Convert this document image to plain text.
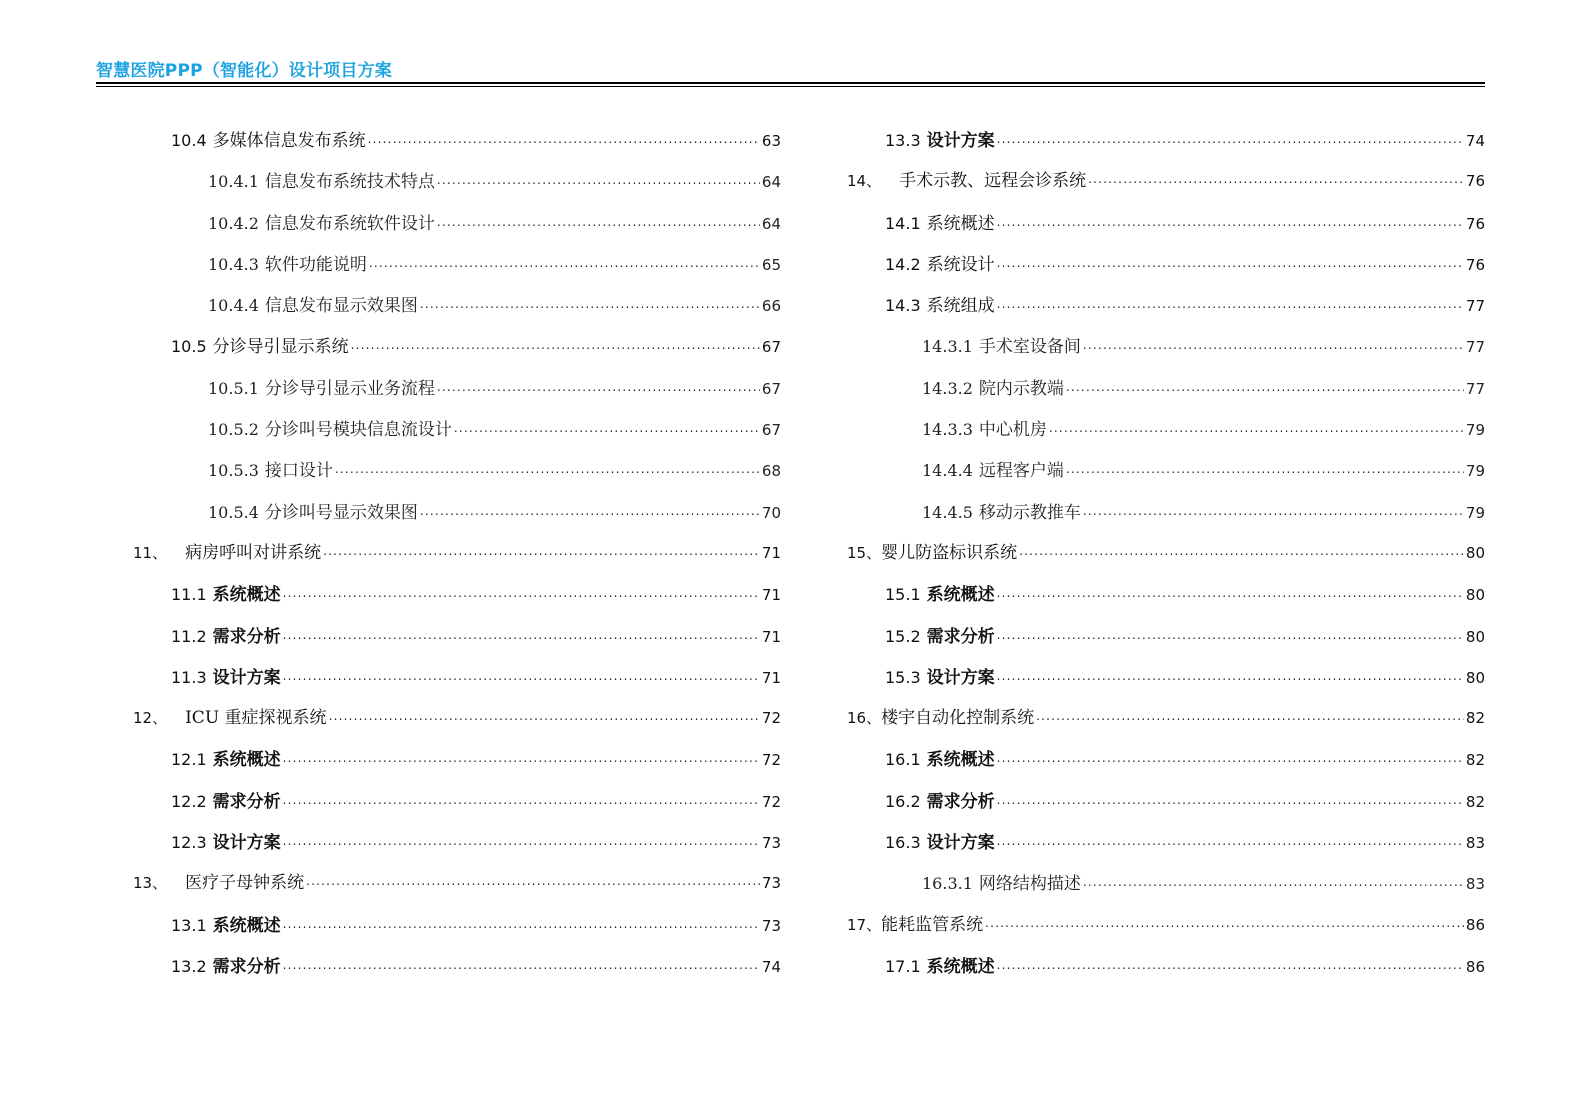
智慧医院PPP（智能化）设计项目方案
10.4 多媒体信息发布系统 .....	63
10.4.1 信息发布系统技术特点 .....	64
10.4.2 信息发布系统软件设计 .....	64
10.4.3 软件功能说明 .....	65
10.4.4 信息发布显示效果图 .....	66
10.5 分诊导引显示系统 .....	67
10.5.1 分诊导引显示业务流程 .....	67
10.5.2 分诊叫号模块信息流设计 .....	67
10.5.3 接口设计 .....	68
10.5.4 分诊叫号显示效果图 .....	70
11、 病房呼叫对讲系统 .....	71
11.1 系统概述 .....	71
11.2 需求分析 .....	71
11.3 设计方案 .....	71
12、 ICU 重症探视系统 .....	72
12.1 系统概述 .....	72
12.2 需求分析 .....	72
12.3 设计方案 .....	73
13、 医疗子母钟系统 .....	73
13.1 系统概述 .....	73
13.2 需求分析 .....	74
13.3 设计方案 .....	74
14、 手术示教、远程会诊系统 .....	76
14.1 系统概述 .....	76
14.2 系统设计 .....	76
14.3 系统组成 .....	77
14.3.1 手术室设备间 .....	77
14.3.2 院内示教端 .....	77
14.3.3 中心机房 .....	79
14.4.4 远程客户端 .....	79
14.4.5 移动示教推车 .....	79
15、 婴儿防盗标识系统 .....	80
15.1 系统概述 .....	80
15.2 需求分析 .....	80
15.3 设计方案 .....	80
16、 楼宇自动化控制系统 .....	82
16.1 系统概述 .....	82
16.2 需求分析 .....	82
16.3 设计方案 .....	83
16.3.1 网络结构描述 .....	83
17、 能耗监管系统 .....	86
17.1 系统概述 .....	86
